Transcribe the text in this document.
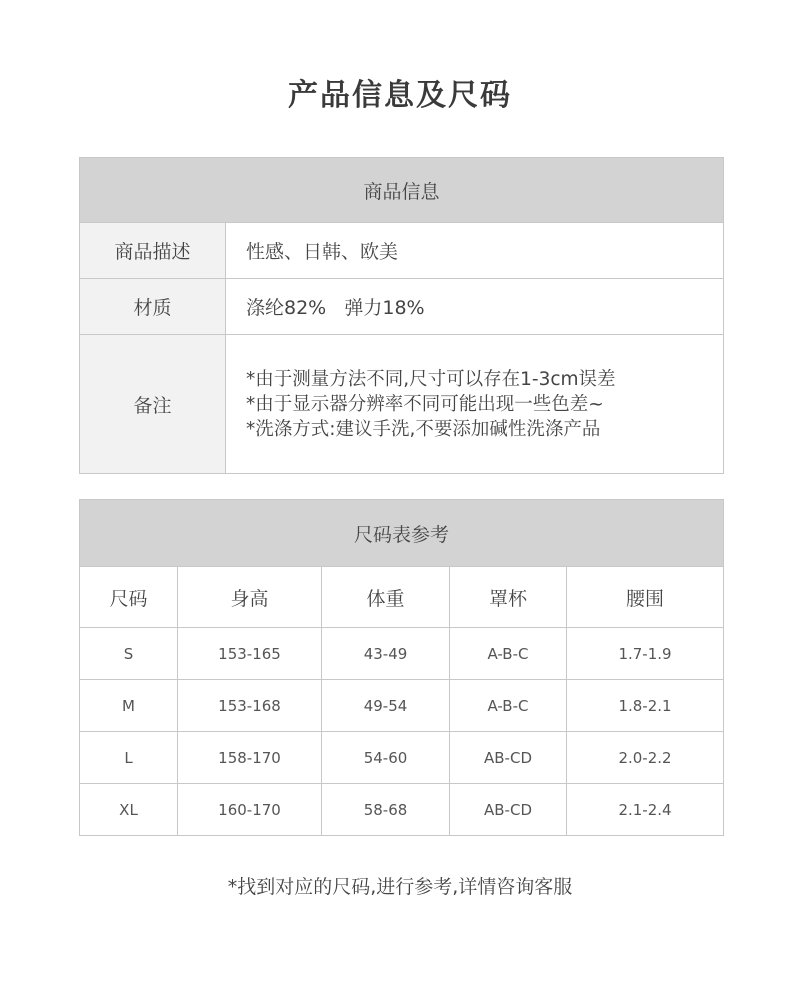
产品信息及尺码
商品信息	
商品描述	性感、日韩、欧美
材质	涤纶82%   弹力18%
备注	*由于测量方法不同,尺寸可以存在1-3cm误差
*由于显示器分辨率不同可能出现一些色差~
*洗涤方式:建议手洗,不要添加碱性洗涤产品
尺码表参考				
尺码	身高	体重	罩杯	腰围
S	153-165	43-49	A-B-C	1.7-1.9
M	153-168	49-54	A-B-C	1.8-2.1
L	158-170	54-60	AB-CD	2.0-2.2
XL	160-170	58-68	AB-CD	2.1-2.4
*找到对应的尺码,进行参考,详情咨询客服
